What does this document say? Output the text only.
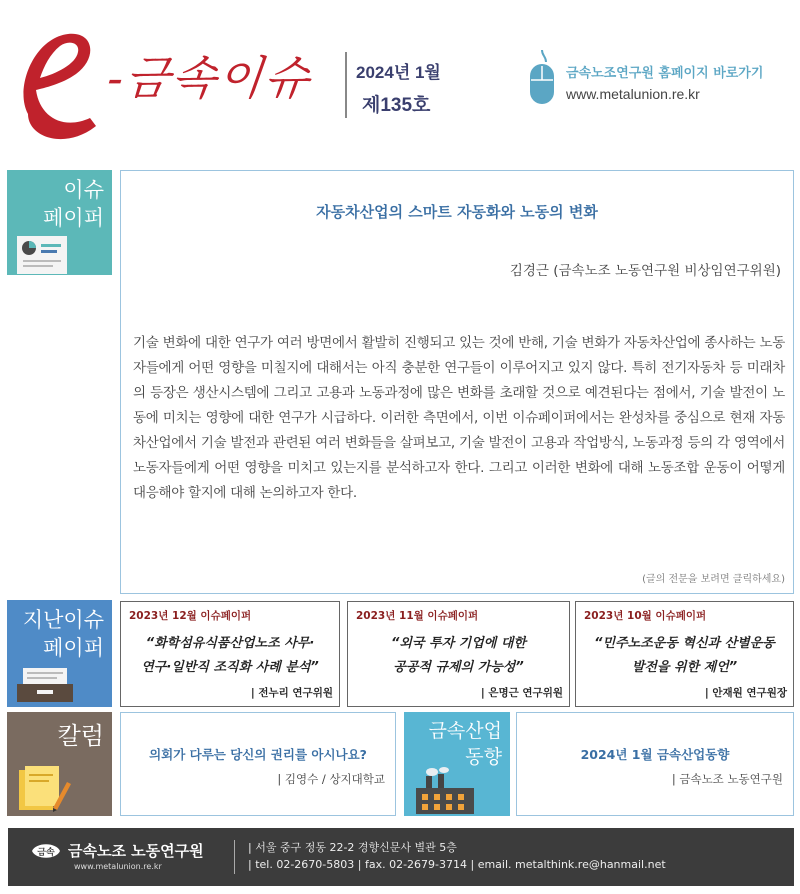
-금속이슈 2024년 1월
제135호
금속노조연구원 홈페이지 바로가기
www.metalunion.re.kr
이슈
페이퍼	자동차산업의 스마트 자동화와 노동의 변화
김경근 (금속노조 노동연구원 비상임연구위원)
기술 변화에 대한 연구가 여러 방면에서 활발히 진행되고 있는 것에 반해, 기술 변화가 자동차산업에 종사하는 노동자들에게 어떤 영향을 미칠지에 대해서는 아직 충분한 연구들이 이루어지고 있지 않다. 특히 전기자동차 등 미래차의 등장은 생산시스템에 그리고 고용과 노동과정에 많은 변화를 초래할 것으로 예견된다는 점에서, 기술 발전이 노동에 미치는 영향에 대한 연구가 시급하다. 이러한 측면에서, 이번 이슈페이퍼에서는 완성차를 중심으로 현재 자동차산업에서 기술 발전과 관련된 여러 변화들을 살펴보고, 기술 발전이 고용과 작업방식, 노동과정 등의 각 영역에서 노동자들에게 어떤 영향을 미치고 있는지를 분석하고자 한다. 그리고 이러한 변화에 대해 노동조합 운동이 어떻게 대응해야 할지에 대해 논의하고자 한다.
(글의 전문을 보려면 클릭하세요)
지난이슈
페이퍼
2023년 12월 이슈페이퍼
“화학섬유식품산업노조 사무·
연구·일반직 조직화 사례 분석”
| 전누리 연구위원
2023년 11월 이슈페이퍼
“외국 투자 기업에 대한
공공적 규제의 가능성”
| 은명근 연구위원
2023년 10월 이슈페이퍼
“민주노조운동 혁신과 산별운동
발전을 위한 제언”
| 안재원 연구원장
칼럼
의회가 다루는 당신의 권리를 아시나요?
| 김영수 / 상지대학교
금속산업
동향	2024년 1월 금속산업동향
| 금속노조 노동연구원
금속 금속노조 노동연구원
www.metalunion.re.kr
| 서울 중구 정동 22-2 경향신문사 별관 5층
| tel. 02-2670-5803 | fax. 02-2679-3714 | email. metalthink.re@hanmail.net
